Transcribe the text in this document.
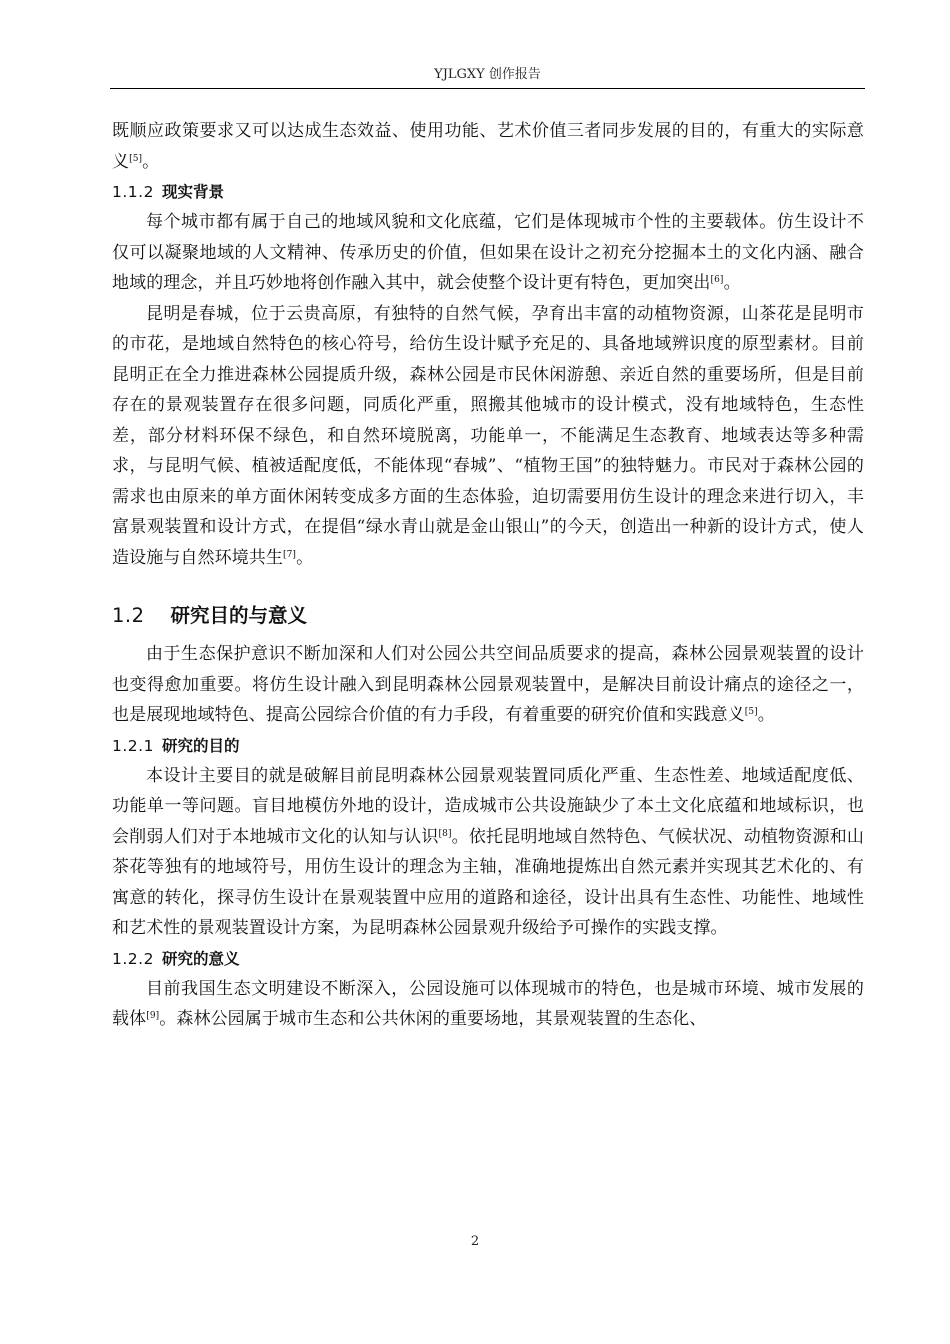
YJLGXY 创作报告

既顺应政策要求又可以达成生态效益、使用功能、艺术价值三者同步发展的目的，有重大的实际意义[5]。

1.1.2 现实背景

每个城市都有属于自己的地域风貌和文化底蕴，它们是体现城市个性的主要载体。仿生设计不仅可以凝聚地域的人文精神、传承历史的价值，但如果在设计之初充分挖掘本土的文化内涵、融合地域的理念，并且巧妙地将创作融入其中，就会使整个设计更有特色，更加突出[6]。

昆明是春城，位于云贵高原，有独特的自然气候，孕育出丰富的动植物资源，山茶花是昆明市的市花，是地域自然特色的核心符号，给仿生设计赋予充足的、具备地域辨识度的原型素材。目前昆明正在全力推进森林公园提质升级，森林公园是市民休闲游憩、亲近自然的重要场所，但是目前存在的景观装置存在很多问题，同质化严重，照搬其他城市的设计模式，没有地域特色，生态性差，部分材料环保不绿色，和自然环境脱离，功能单一，不能满足生态教育、地域表达等多种需求，与昆明气候、植被适配度低，不能体现“春城”、“植物王国”的独特魅力。市民对于森林公园的需求也由原来的单方面休闲转变成多方面的生态体验，迫切需要用仿生设计的理念来进行切入，丰富景观装置和设计方式，在提倡“绿水青山就是金山银山”的今天，创造出一种新的设计方式，使人造设施与自然环境共生[7]。

1.2 研究目的与意义

由于生态保护意识不断加深和人们对公园公共空间品质要求的提高，森林公园景观装置的设计也变得愈加重要。将仿生设计融入到昆明森林公园景观装置中，是解决目前设计痛点的途径之一，也是展现地域特色、提高公园综合价值的有力手段，有着重要的研究价值和实践意义[5]。

1.2.1 研究的目的

本设计主要目的就是破解目前昆明森林公园景观装置同质化严重、生态性差、地域适配度低、功能单一等问题。盲目地模仿外地的设计，造成城市公共设施缺少了本土文化底蕴和地域标识，也会削弱人们对于本地城市文化的认知与认识[8]。依托昆明地域自然特色、气候状况、动植物资源和山茶花等独有的地域符号，用仿生设计的理念为主轴，准确地提炼出自然元素并实现其艺术化的、有寓意的转化，探寻仿生设计在景观装置中应用的道路和途径，设计出具有生态性、功能性、地域性和艺术性的景观装置设计方案，为昆明森林公园景观升级给予可操作的实践支撑。

1.2.2 研究的意义

目前我国生态文明建设不断深入，公园设施可以体现城市的特色，也是城市环境、城市发展的载体[9]。森林公园属于城市生态和公共休闲的重要场地，其景观装置的生态化、

2
